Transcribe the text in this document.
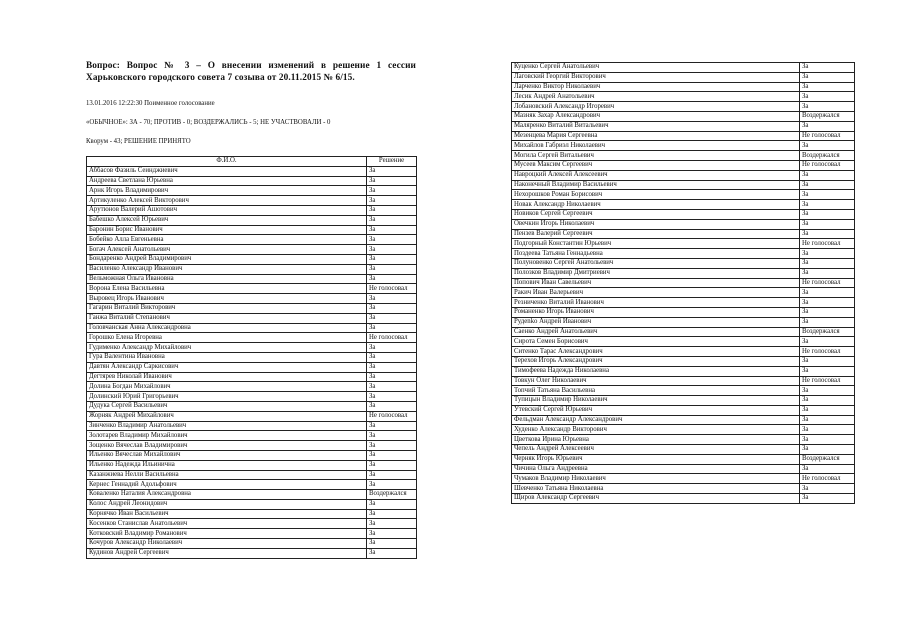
Вопрос: Вопрос № 3 – О внесении изменений в решение 1 сессии Харьковского городского совета 7 созыва от 20.11.2015 № 6/15.
13.01.2016 12:22:30 Поименное голосование
«ОБЫЧНОЕ»: ЗА - 70; ПРОТИВ - 0; ВОЗДЕРЖАЛИСЬ - 5; НЕ УЧАСТВОВАЛИ - 0
Кворум - 43; РЕШЕНИЕ ПРИНЯТО
Ф.И.О.	Решение
Аббасов Фазиль Сеинджиевич	За
Андреева Светлана Юрьевна	За
Арнк Игорь Владимирович	За
Артикуленко Алексей Викторович	За
Арутюнов Валерий Ашотович	За
Бабешко Алексей Юрьевич	За
Баронин Борис Иванович	За
Бобейко Алла Евгеньевна	За
Богач Алексей Анатольевич	За
Бондаренко Андрей Владимирович	За
Василенко Александр Иванович	За
Вельможная Ольга Ивановна	За
Ворона Елена Васильевна	Не голосовал
Выровец Игорь Иванович	За
Гагарин Виталий Викторович	За
Ганжа Виталий Степанович	За
Головчанская Анна Александровна	За
Горошко Елена Игоревна	Не голосовал
Гудименко Александр Михайлович	За
Гура Валентина Ивановна	За
Давтян Александр Саркисович	За
Дегтярев Николай Иванович	За
Долина Богдан Михайлович	За
Долинский Юрий Григорьевич	За
Дудука Сергей Васильевич	За
Жорняк Андрей Михайлович	Не голосовал
Зинченко Владимир Анатольевич	За
Золотарев Владимир Михайлович	За
Зощенко Вячеслав Владимирович	За
Ильенко Вячеслав Михайлович	За
Ильенко Надежда Ильинична	За
Казанжиева Нелли Васильевна	За
Кернес Геннадий Адольфович	За
Коваленко Наталия Александровна	Воздержался
Колос Андрей Леонидович	За
Корнячко Иван Васильевич	За
Косенков Станислав Анатольевич	За
Котковский Владимир Романович	За
Кочуров Александр Николаевич	За
Кудинов Андрей Сергеевич	За
Куценко Сергей Анатольевич	За
Лаговский Георгий Викторович	За
Ларченко Виктор Николаевич	За
Лесик Андрей Анатольевич	За
Лобановский Александр Игоревич	За
Мазняк Захар Александрович	Воздержался
Маляренко Виталий Витальевич	За
Мезенцева Мария Сергеевна	Не голосовал
Михайлов Габриэл Николаевич	За
Могила Сергей Витальевич	Воздержался
Мусеев Максим Сергеевич	Не голосовал
Навроцкий Алексей Алексеевич	За
Наконечный Владимир Васильевич	За
Нехорошков Роман Борисович	За
Новак Александр Николаевич	За
Новиков Сергей Сергеевич	За
Овечкин Игорь Николаевич	За
Пензев Валерий Сергеевич	За
Подгорный Константин Юрьевич	Не голосовал
Поздеева Татьяна Геннадьевна	За
Полуновенко Сергей Анатольевич	За
Полозков Владимир Дмитриевич	За
Попович Иван Савельевич	Не голосовал
Ракич Иван Валерьевич	За
Резниченко Виталий Иванович	За
Романенко Игорь Иванович	За
Рудenko Андрей Иванович	За
Саенко Андрей Анатольевич	Воздержался
Сирота Семен Борисович	За
Ситенко Тарас Александрович	Не голосовал
Терехов Игорь Александрович	За
Тимофеева Надежда Николаевна	За
Товкун Олег Николаевич	Не голосовал
Топчий Татьяна Васильевна	За
Тупицын Владимир Николаевич	За
Утевский Сергей Юрьевич	За
Фельдман Александр Александрович	За
Худенко Александр Викторович	За
Цветкова Ирина Юрьевна	За
Чепель Андрей Алексеевич	За
Черняк Игорь Юрьевич	Воздержался
Чичина Ольга Андреевна	За
Чумаков Владимир Николаевич	Не голосовал
Шевченко Татьяна Николаевна	За
Щиров Александр Сергеевич	За
